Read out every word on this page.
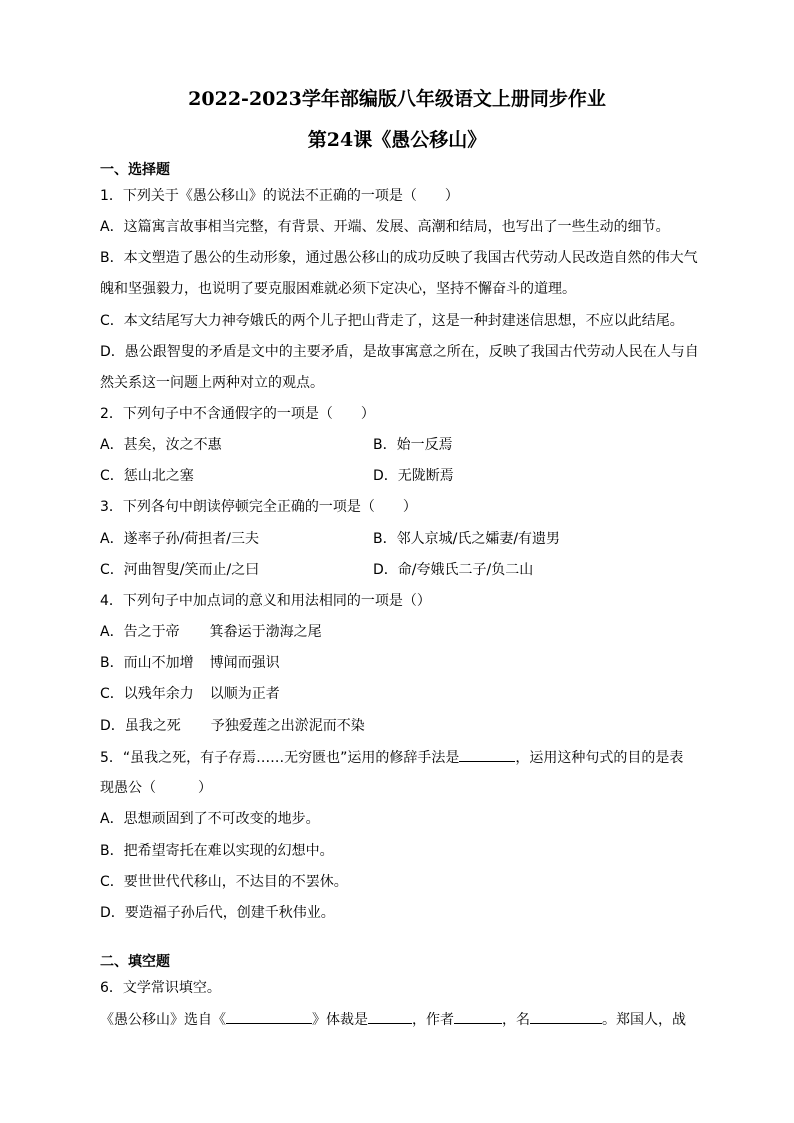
2022-2023学年部编版八年级语文上册同步作业
第24课《愚公移山》
一、选择题
1．下列关于《愚公移山》的说法不正确的一项是（　　）
A．这篇寓言故事相当完整，有背景、开端、发展、高潮和结局，也写出了一些生动的细节。
B．本文塑造了愚公的生动形象，通过愚公移山的成功反映了我国古代劳动人民改造自然的伟大气
魄和坚强毅力，也说明了要克服困难就必须下定决心，坚持不懈奋斗的道理。
C．本文结尾写大力神夸娥氏的两个儿子把山背走了，这是一种封建迷信思想，不应以此结尾。
D．愚公跟智叟的矛盾是文中的主要矛盾，是故事寓意之所在，反映了我国古代劳动人民在人与自
然关系这一问题上两种对立的观点。
2．下列句子中不含通假字的一项是（　　）
A．甚矣，汝之不惠	B．始一反焉
C．惩山北之塞	D．无陇断焉
3．下列各句中朗读停顿完全正确的一项是（　　）
A．遂率子孙/荷担者/三夫	B．邻人京城/氏之孀妻/有遗男
C．河曲智叟/笑而止/之曰	D．命/夸娥氏二子/负二山
4．下列句子中加点词的意义和用法相同的一项是（）
A．告之于帝 箕畚运于渤海之尾
B．而山不加增 博闻而强识
C．以残年余力 以顺为正者
D．虽我之死 予独爱莲之出淤泥而不染
5．“虽我之死，有子存焉……无穷匮也”运用的修辞手法是	，运用这种句式的目的是表
现愚公（　　　）
A．思想顽固到了不可改变的地步。
B．把希望寄托在难以实现的幻想中。
C．要世世代代移山，不达目的不罢休。
D．要造福子孙后代，创建千秋伟业。
二、填空题
6．文学常识填空。
《愚公移山》选自《	》体裁是	，作者	，名	。郑国人，战
